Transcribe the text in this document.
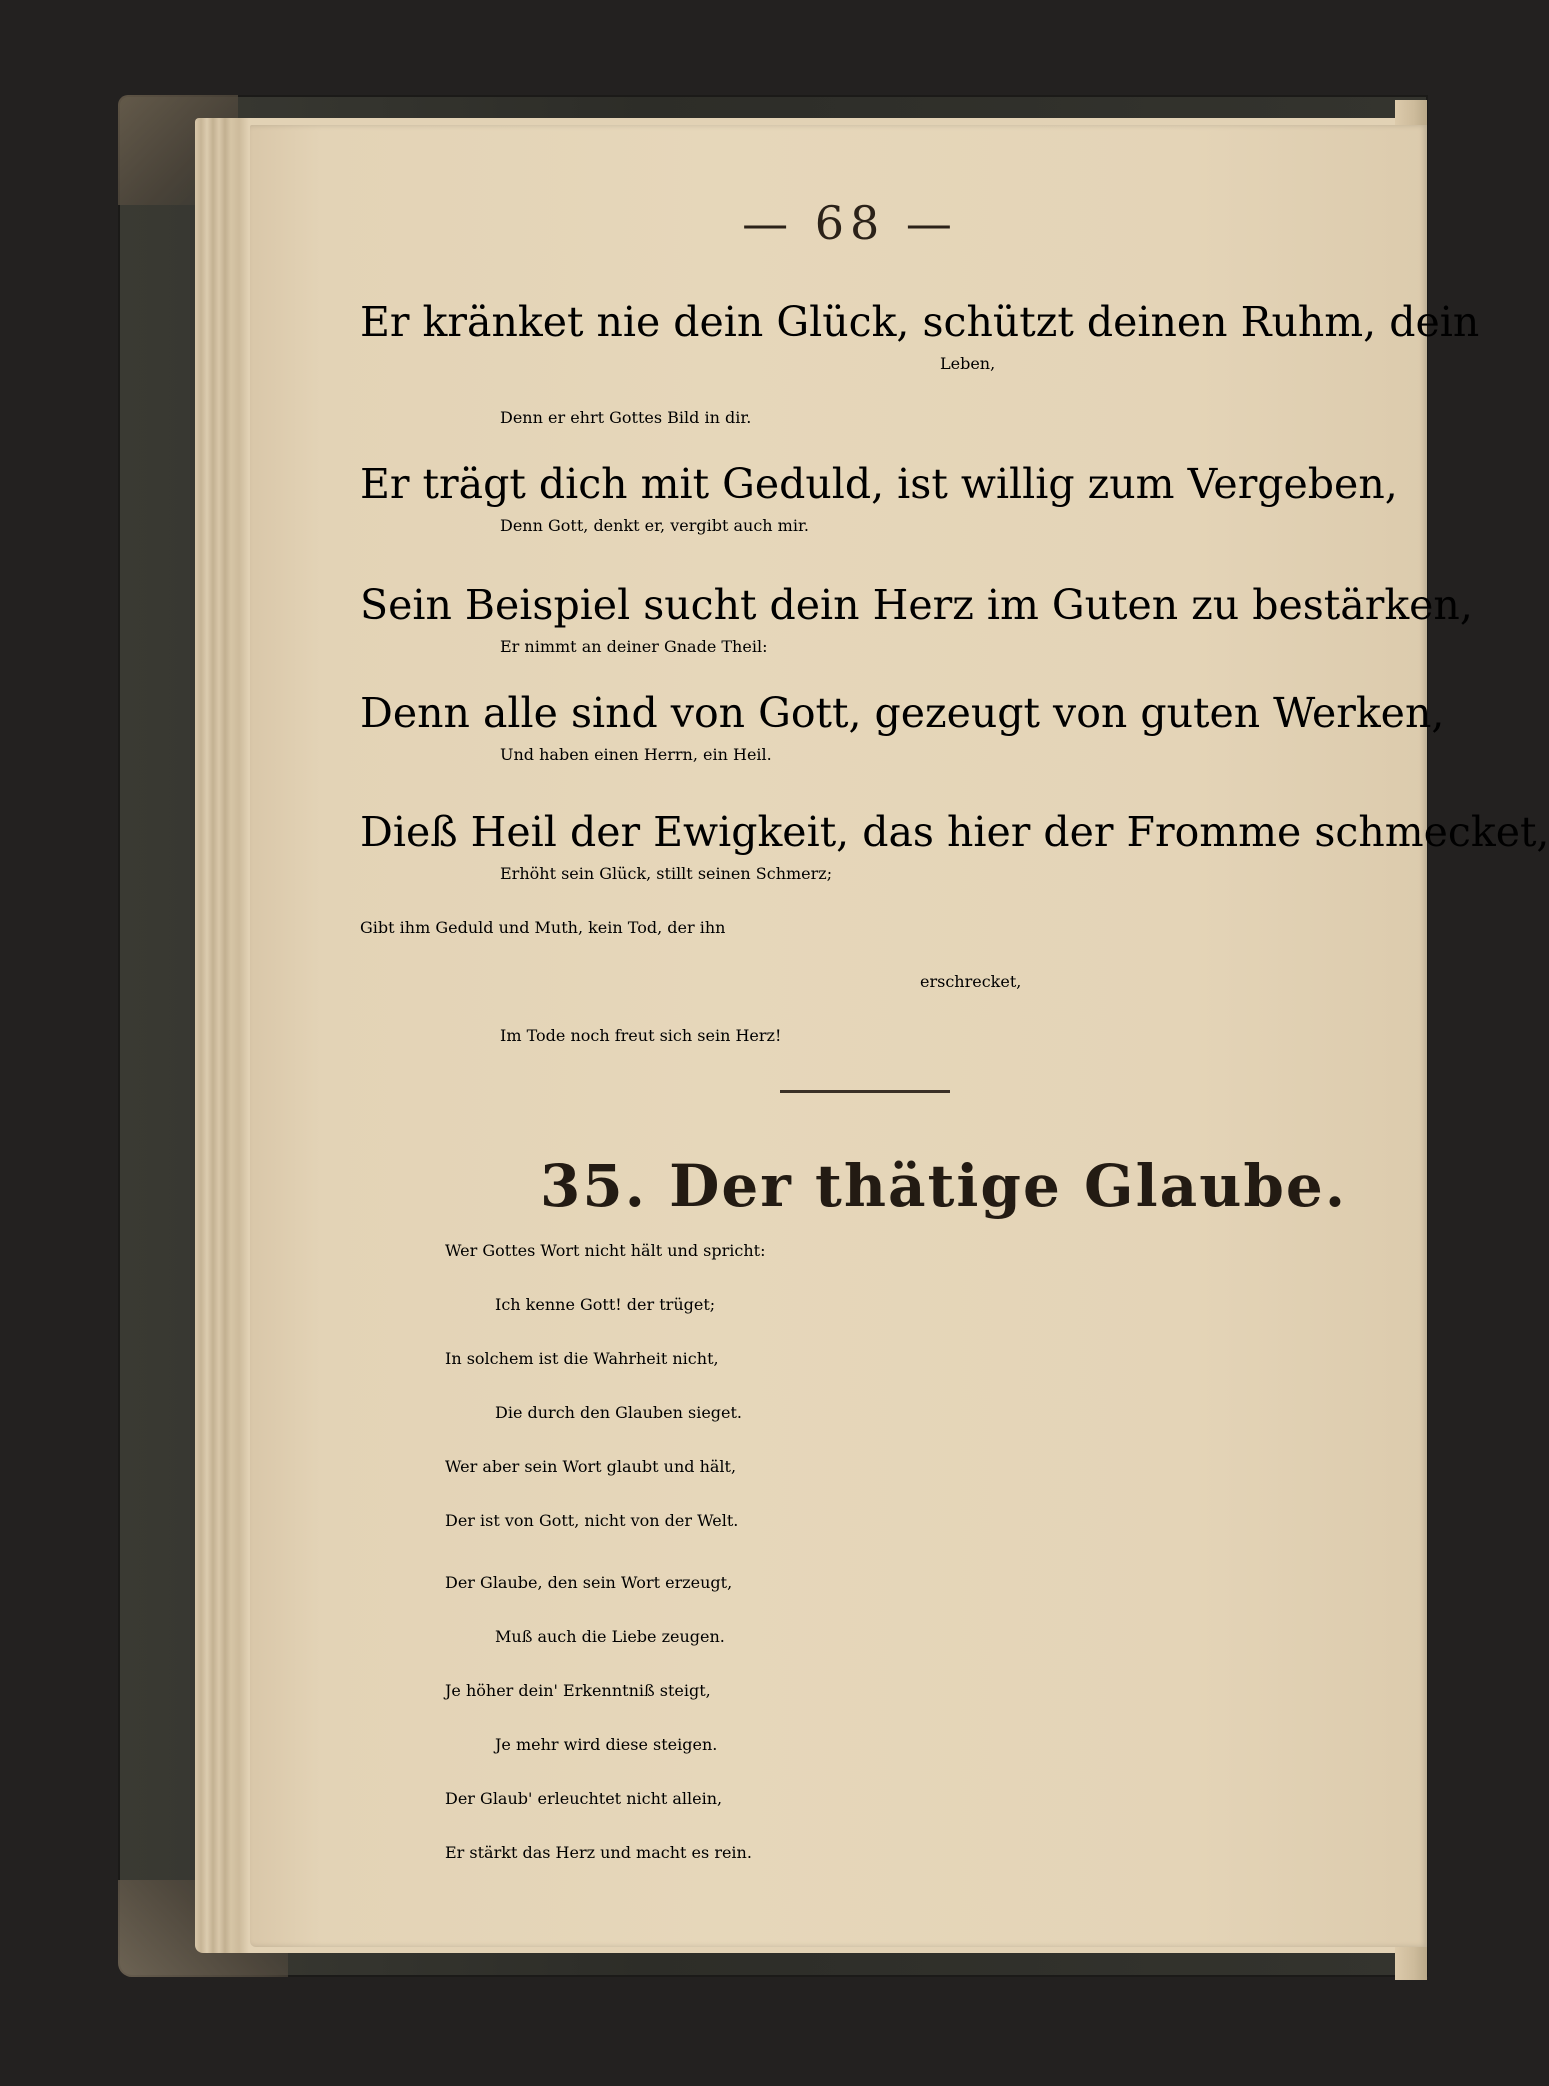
— 68 —
Er kränket nie dein Glück, schützt deinen Ruhm, dein
Leben,
Denn er ehrt Gottes Bild in dir.
Er trägt dich mit Geduld, ist willig zum Vergeben,
Denn Gott, denkt er, vergibt auch mir.
Sein Beispiel sucht dein Herz im Guten zu bestärken,
Er nimmt an deiner Gnade Theil:
Denn alle sind von Gott, gezeugt von guten Werken,
Und haben einen Herrn, ein Heil.
Dieß Heil der Ewigkeit, das hier der Fromme schmecket,
Erhöht sein Glück, stillt seinen Schmerz;
Gibt ihm Geduld und Muth, kein Tod, der ihn
erschrecket,
Im Tode noch freut sich sein Herz!
35. Der thätige Glaube.
Wer Gottes Wort nicht hält und spricht:
Ich kenne Gott! der trüget;
In solchem ist die Wahrheit nicht,
Die durch den Glauben sieget.
Wer aber sein Wort glaubt und hält,
Der ist von Gott, nicht von der Welt.
Der Glaube, den sein Wort erzeugt,
Muß auch die Liebe zeugen.
Je höher dein' Erkenntniß steigt,
Je mehr wird diese steigen.
Der Glaub' erleuchtet nicht allein,
Er stärkt das Herz und macht es rein.
